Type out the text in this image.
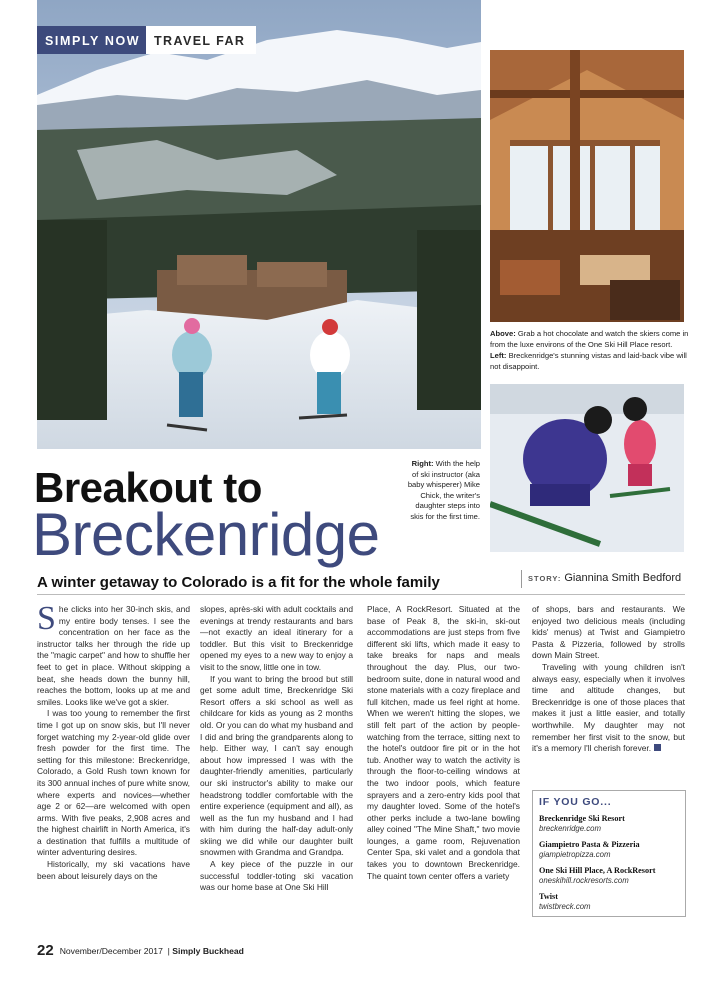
SIMPLY NOW	TRAVEL FAR
Above: Grab a hot chocolate and watch the skiers come in from the luxe environs of the One Ski Hill Place resort.
Left: Breckenridge's stunning vistas and laid-back vibe will not disappoint.
Right: With the help of ski instructor (aka baby whisperer) Mike Chick, the writer's daughter steps into skis for the first time.
Breakout to
Breckenridge
A winter getaway to Colorado is a fit for the whole family	STORY: Giannina Smith Bedford

She clicks into her 30-inch skis, and my entire body tenses. I see the concentration on her face as the instructor talks her through the ride up the "magic carpet" and how to shuffle her feet to get in place. Without skipping a beat, she heads down the bunny hill, reaches the bottom, looks up at me and smiles. Looks like we've got a skier.

I was too young to remember the first time I got up on snow skis, but I'll never forget watching my 2-year-old glide over fresh powder for the first time. The setting for this milestone: Breckenridge, Colorado, a Gold Rush town known for its 300 annual inches of pure white snow, where experts and novices—whether age 2 or 62—are welcomed with open arms. With five peaks, 2,908 acres and the highest chairlift in North America, it's a destination that fulfills a multitude of winter adventuring desires.

Historically, my ski vacations have been about leisurely days on the

slopes, après-ski with adult cocktails and evenings at trendy restaurants and bars—not exactly an ideal itinerary for a toddler. But this visit to Breckenridge opened my eyes to a new way to enjoy a visit to the snow, little one in tow.

If you want to bring the brood but still get some adult time, Breckenridge Ski Resort offers a ski school as well as childcare for kids as young as 2 months old. Or you can do what my husband and I did and bring the grandparents along to help. Either way, I can't say enough about how impressed I was with the daughter-friendly amenities, particularly our ski instructor's ability to make our headstrong toddler comfortable with the entire experience (equipment and all), as well as the fun my husband and I had with him during the half-day adult-only skiing we did while our daughter built snowmen with Grandma and Grandpa.

A key piece of the puzzle in our successful toddler-toting ski vacation was our home base at One Ski Hill

Place, A RockResort. Situated at the base of Peak 8, the ski-in, ski-out accommodations are just steps from five different ski lifts, which made it easy to take breaks for naps and meals throughout the day. Plus, our two-bedroom suite, done in natural wood and stone materials with a cozy fireplace and full kitchen, made us feel right at home. When we weren't hitting the slopes, we still felt part of the action by people-watching from the terrace, sitting next to the hotel's outdoor fire pit or in the hot tub. Another way to watch the activity is through the floor-to-ceiling windows at the two indoor pools, which feature sprayers and a zero-entry kids pool that my daughter loved. Some of the hotel's other perks include a two-lane bowling alley coined "The Mine Shaft," two movie lounges, a game room, Rejuvenation Center Spa, ski valet and a gondola that takes you to downtown Breckenridge. The quaint town center offers a variety

of shops, bars and restaurants. We enjoyed two delicious meals (including kids' menus) at Twist and Giampietro Pasta & Pizzeria, followed by strolls down Main Street.

Traveling with young children isn't always easy, especially when it involves time and altitude changes, but Breckenridge is one of those places that makes it just a little easier, and totally worthwhile. My daughter may not remember her first visit to the snow, but it's a memory I'll cherish forever.

IF YOU GO...
Breckenridge Ski Resort
breckenridge.com
Giampietro Pasta & Pizzeria
giampietropizza.com
One Ski Hill Place, A RockResort
oneskihill.rockresorts.com
Twist
twistbreck.com
22 November/December 2017 | Simply Buckhead
